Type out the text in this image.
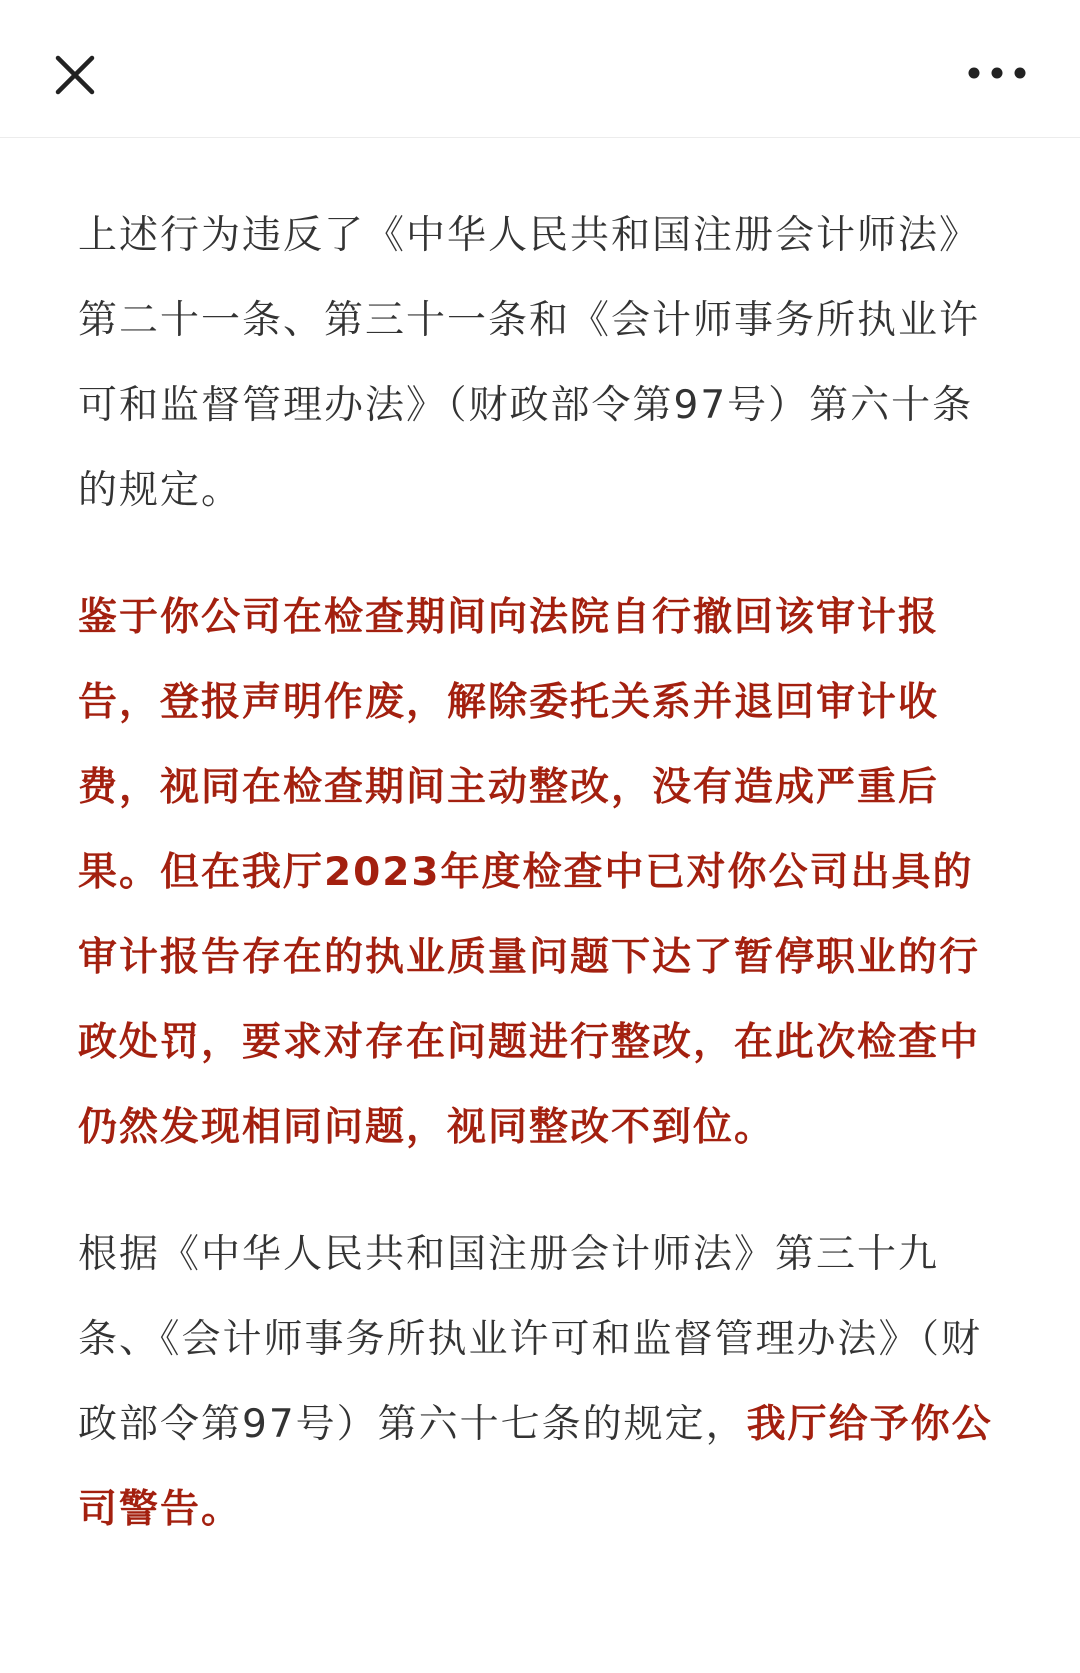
上述行为违反了《中华人民共和国注册会计师法》第二十一条、第三十一条和《会计师事务所执业许可和监督管理办法》（财政部令第97号）第六十条的规定。

鉴于你公司在检查期间向法院自行撤回该审计报告，登报声明作废，解除委托关系并退回审计收费，视同在检查期间主动整改，没有造成严重后果。但在我厅2023年度检查中已对你公司出具的审计报告存在的执业质量问题下达了暂停职业的行政处罚，要求对存在问题进行整改，在此次检查中仍然发现相同问题，视同整改不到位。

根据《中华人民共和国注册会计师法》第三十九条、《会计师事务所执业许可和监督管理办法》（财政部令第97号）第六十七条的规定，我厅给予你公司警告。
